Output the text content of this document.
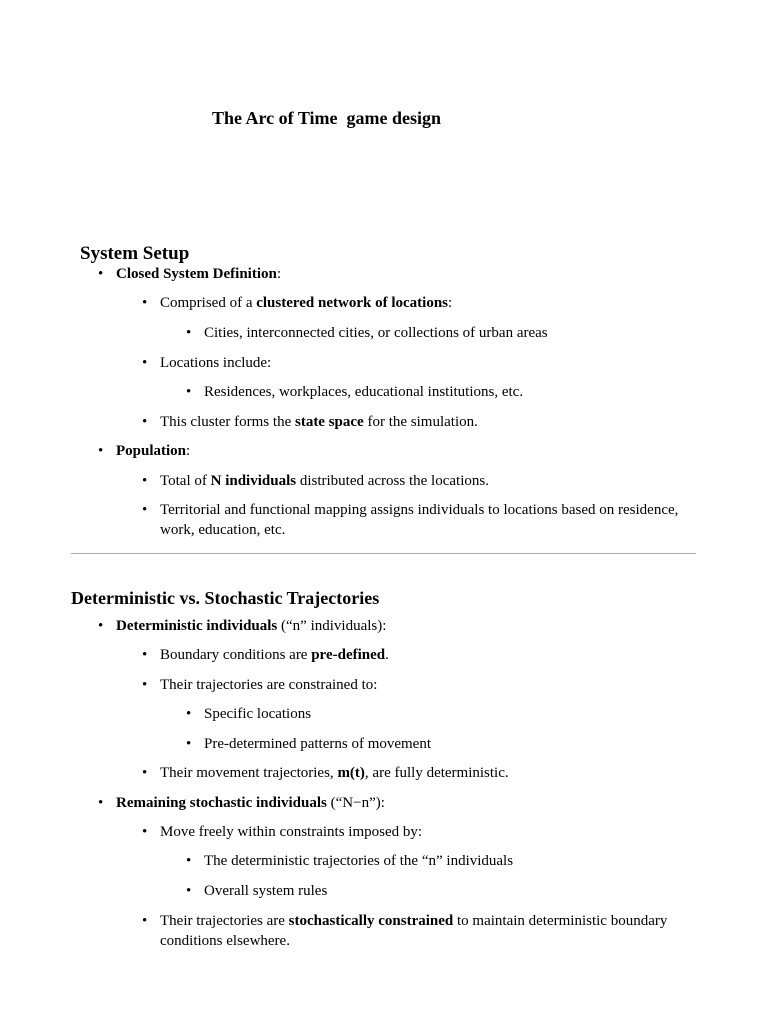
The Arc of Time  game design
System Setup
• Closed System Definition:
• Comprised of a clustered network of locations:
• Cities, interconnected cities, or collections of urban areas
• Locations include:
• Residences, workplaces, educational institutions, etc.
• This cluster forms the state space for the simulation.
• Population:
• Total of N individuals distributed across the locations.
• Territorial and functional mapping assigns individuals to locations based on residence, work, education, etc.
Deterministic vs. Stochastic Trajectories
• Deterministic individuals (“n” individuals):
• Boundary conditions are pre-defined.
• Their trajectories are constrained to:
• Specific locations
• Pre-determined patterns of movement
• Their movement trajectories, m(t), are fully deterministic.
• Remaining stochastic individuals (“N−n”):
• Move freely within constraints imposed by:
• The deterministic trajectories of the “n” individuals
• Overall system rules
• Their trajectories are stochastically constrained to maintain deterministic boundary conditions elsewhere.
